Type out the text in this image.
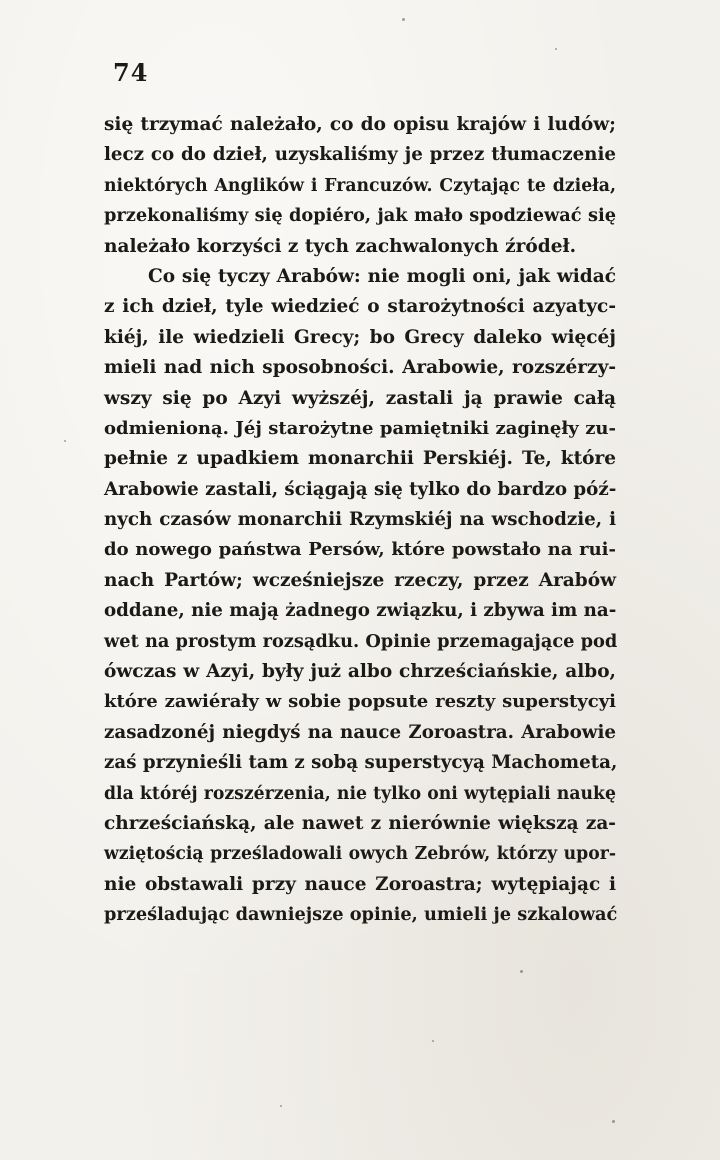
74
się trzymać należało, co do opisu krajów i ludów;
lecz co do dzieł, uzyskaliśmy je przez tłumaczenie
niektórych Anglików i Francuzów. Czytając te dzieła,
przekonaliśmy się dopiéro, jak mało spodziewać się
należało korzyści z tych zachwalonych źródeł.
Co się tyczy Arabów: nie mogli oni, jak widać
z ich dzieł, tyle wiedzieć o starożytności azyatyc-
kiéj, ile wiedzieli Grecy; bo Grecy daleko więcéj
mieli nad nich sposobności. Arabowie, rozszérzy-
wszy się po Azyi wyższéj, zastali ją prawie całą
odmienioną. Jéj starożytne pamiętniki zaginęły zu-
pełnie z upadkiem monarchii Perskiéj. Te, które
Arabowie zastali, ściągają się tylko do bardzo póź-
nych czasów monarchii Rzymskiéj na wschodzie, i
do nowego państwa Persów, które powstało na rui-
nach Partów; wcześniejsze rzeczy, przez Arabów
oddane, nie mają żadnego związku, i zbywa im na-
wet na prostym rozsądku. Opinie przemagające pod
ówczas w Azyi, były już albo chrześciańskie, albo,
które zawiérały w sobie popsute reszty superstycyi
zasadzonéj niegdyś na nauce Zoroastra. Arabowie
zaś przynieśli tam z sobą superstycyą Machometa,
dla któréj rozszérzenia, nie tylko oni wytępiali naukę
chrześciańską, ale nawet z nierównie większą za-
wziętością prześladowali owych Zebrów, którzy upor-
nie obstawali przy nauce Zoroastra; wytępiając i
prześladując dawniejsze opinie, umieli je szkalować
